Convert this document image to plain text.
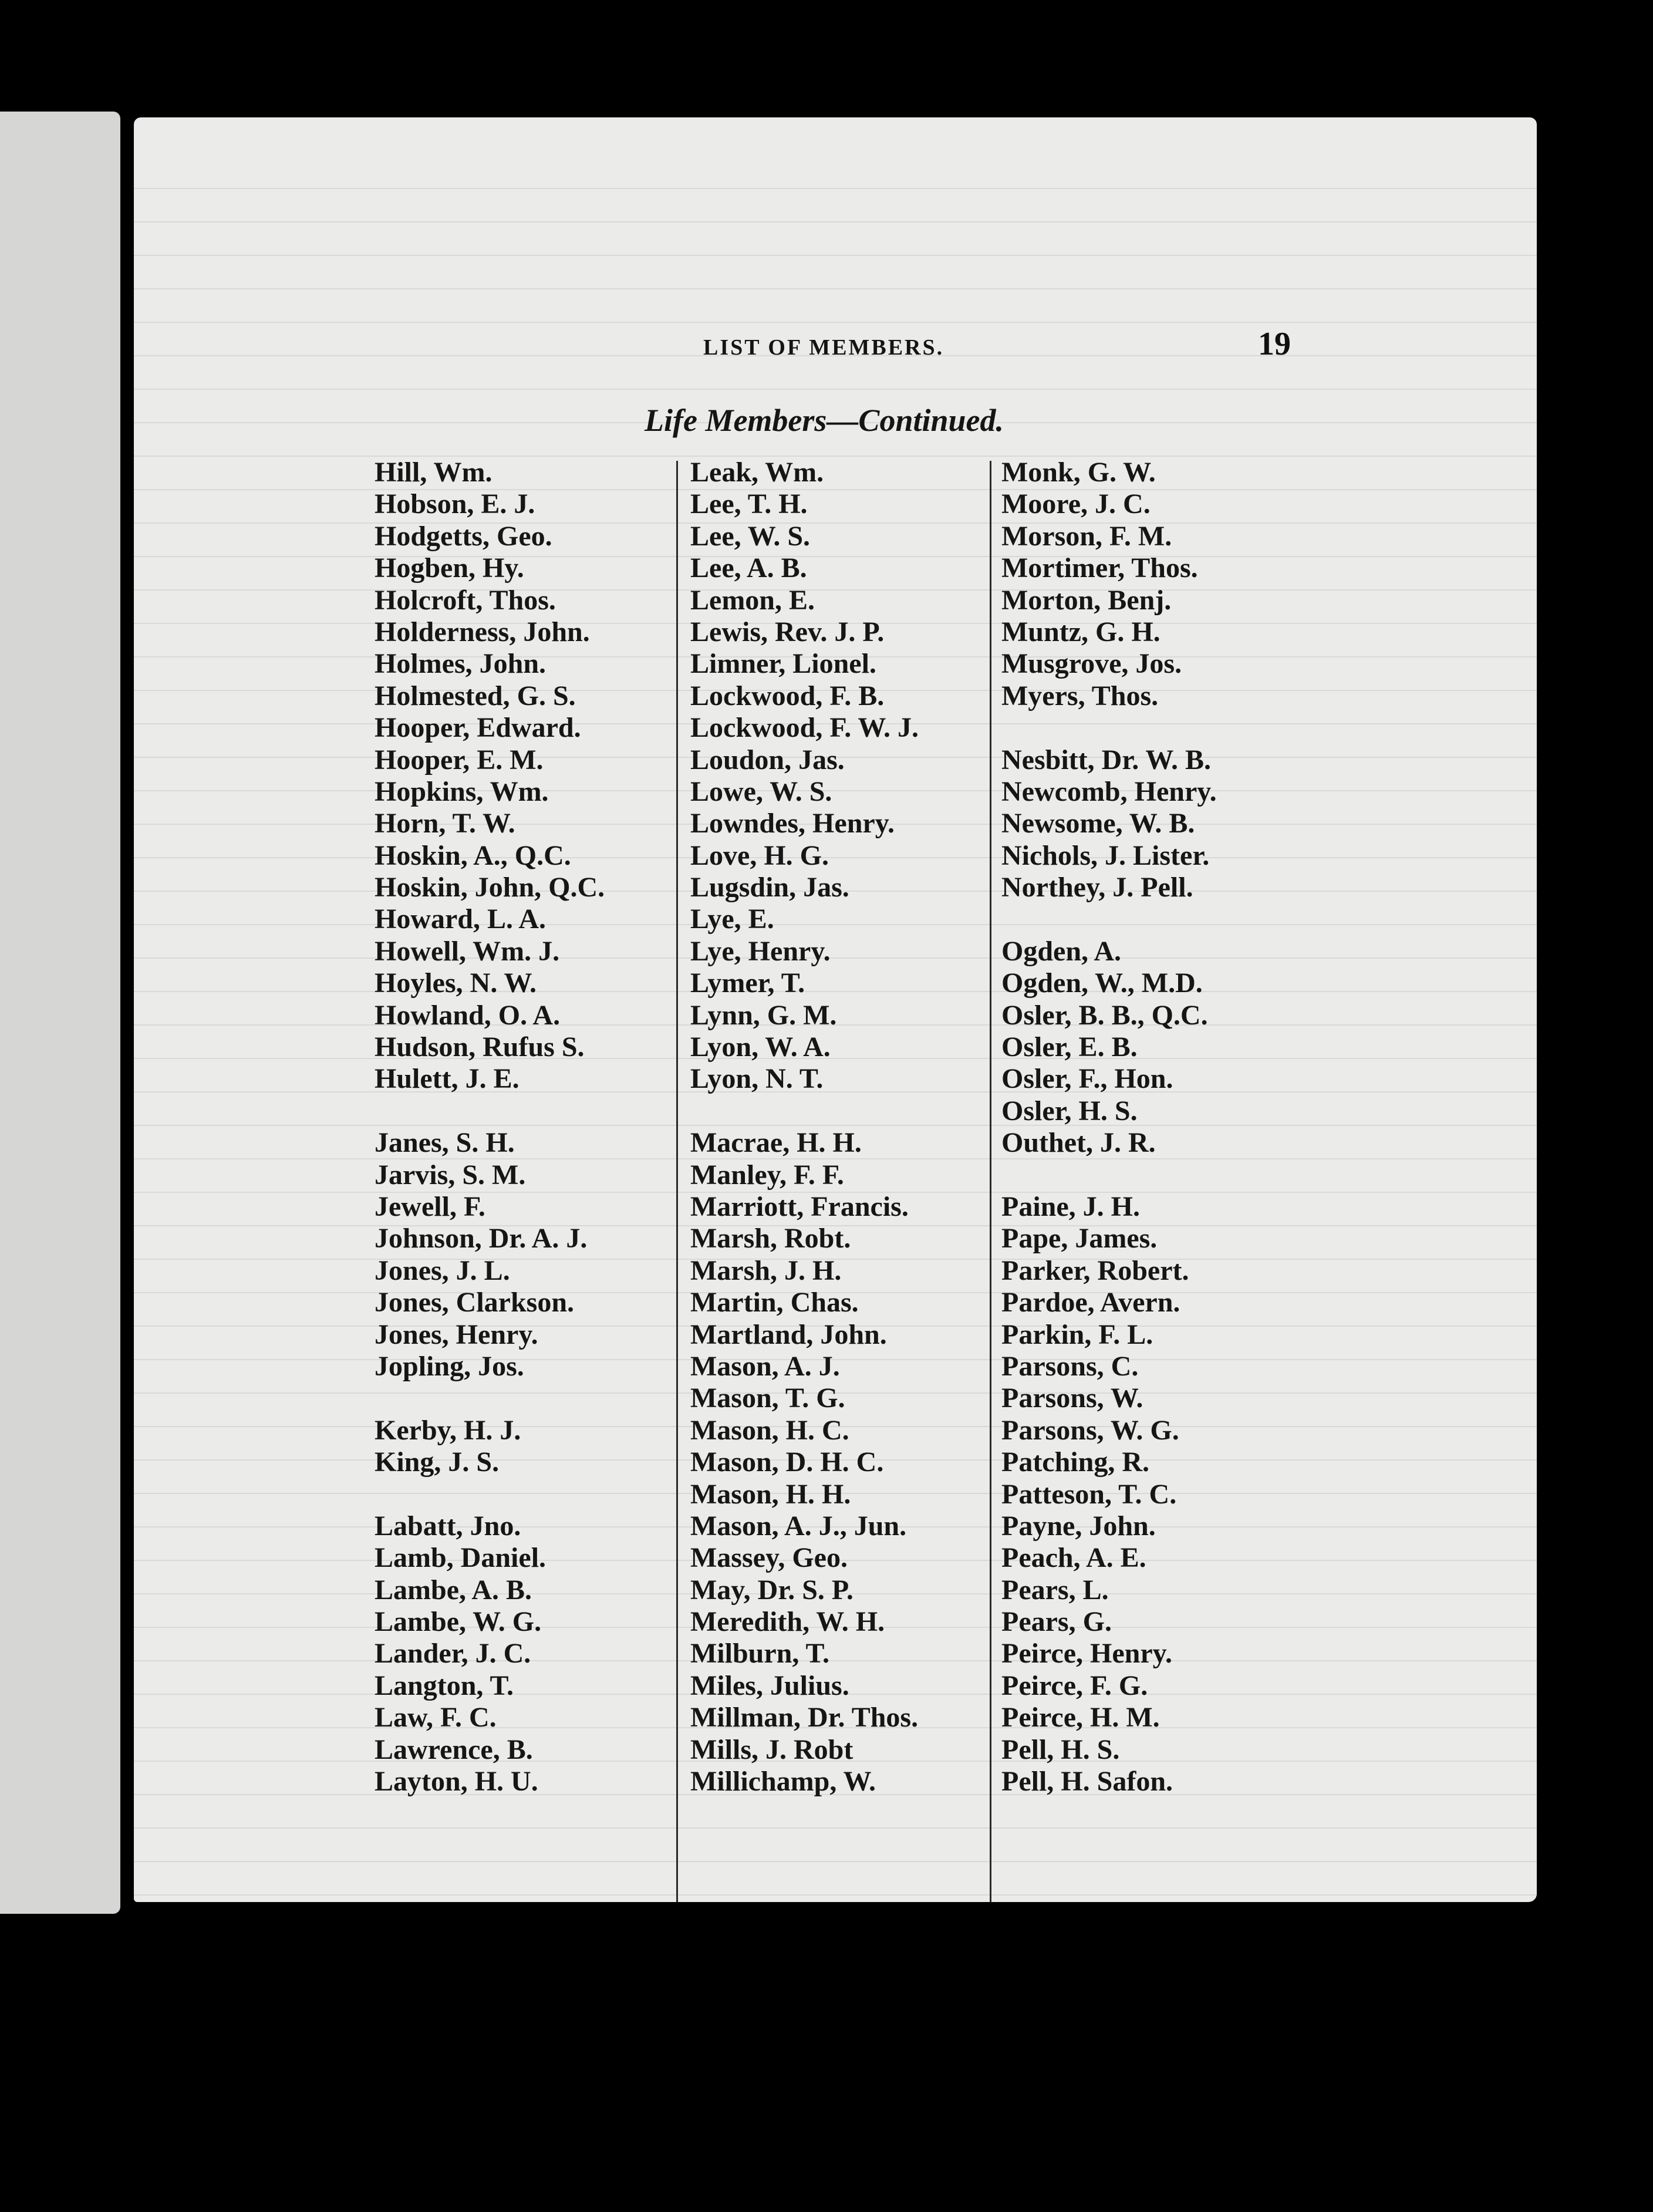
LIST OF MEMBERS.	19
Life Members—Continued.
Hill, Wm.
Hobson, E. J.
Hodgetts, Geo.
Hogben, Hy.
Holcroft, Thos.
Holderness, John.
Holmes, John.
Holmested, G. S.
Hooper, Edward.
Hooper, E. M.
Hopkins, Wm.
Horn, T. W.
Hoskin, A., Q.C.
Hoskin, John, Q.C.
Howard, L. A.
Howell, Wm. J.
Hoyles, N. W.
Howland, O. A.
Hudson, Rufus S.
Hulett, J. E.
Janes, S. H.
Jarvis, S. M.
Jewell, F.
Johnson, Dr. A. J.
Jones, J. L.
Jones, Clarkson.
Jones, Henry.
Jopling, Jos.
Kerby, H. J.
King, J. S.
Labatt, Jno.
Lamb, Daniel.
Lambe, A. B.
Lambe, W. G.
Lander, J. C.
Langton, T.
Law, F. C.
Lawrence, B.
Layton, H. U.
Leak, Wm.
Lee, T. H.
Lee, W. S.
Lee, A. B.
Lemon, E.
Lewis, Rev. J. P.
Limner, Lionel.
Lockwood, F. B.
Lockwood, F. W. J.
Loudon, Jas.
Lowe, W. S.
Lowndes, Henry.
Love, H. G.
Lugsdin, Jas.
Lye, E.
Lye, Henry.
Lymer, T.
Lynn, G. M.
Lyon, W. A.
Lyon, N. T.
Macrae, H. H.
Manley, F. F.
Marriott, Francis.
Marsh, Robt.
Marsh, J. H.
Martin, Chas.
Martland, John.
Mason, A. J.
Mason, T. G.
Mason, H. C.
Mason, D. H. C.
Mason, H. H.
Mason, A. J., Jun.
Massey, Geo.
May, Dr. S. P.
Meredith, W. H.
Milburn, T.
Miles, Julius.
Millman, Dr. Thos.
Mills, J. Robt
Millichamp, W.
Monk, G. W.
Moore, J. C.
Morson, F. M.
Mortimer, Thos.
Morton, Benj.
Muntz, G. H.
Musgrove, Jos.
Myers, Thos.
Nesbitt, Dr. W. B.
Newcomb, Henry.
Newsome, W. B.
Nichols, J. Lister.
Northey, J. Pell.
Ogden, A.
Ogden, W., M.D.
Osler, B. B., Q.C.
Osler, E. B.
Osler, F., Hon.
Osler, H. S.
Outhet, J. R.
Paine, J. H.
Pape, James.
Parker, Robert.
Pardoe, Avern.
Parkin, F. L.
Parsons, C.
Parsons, W.
Parsons, W. G.
Patching, R.
Patteson, T. C.
Payne, John.
Peach, A. E.
Pears, L.
Pears, G.
Peirce, Henry.
Peirce, F. G.
Peirce, H. M.
Pell, H. S.
Pell, H. Safon.
